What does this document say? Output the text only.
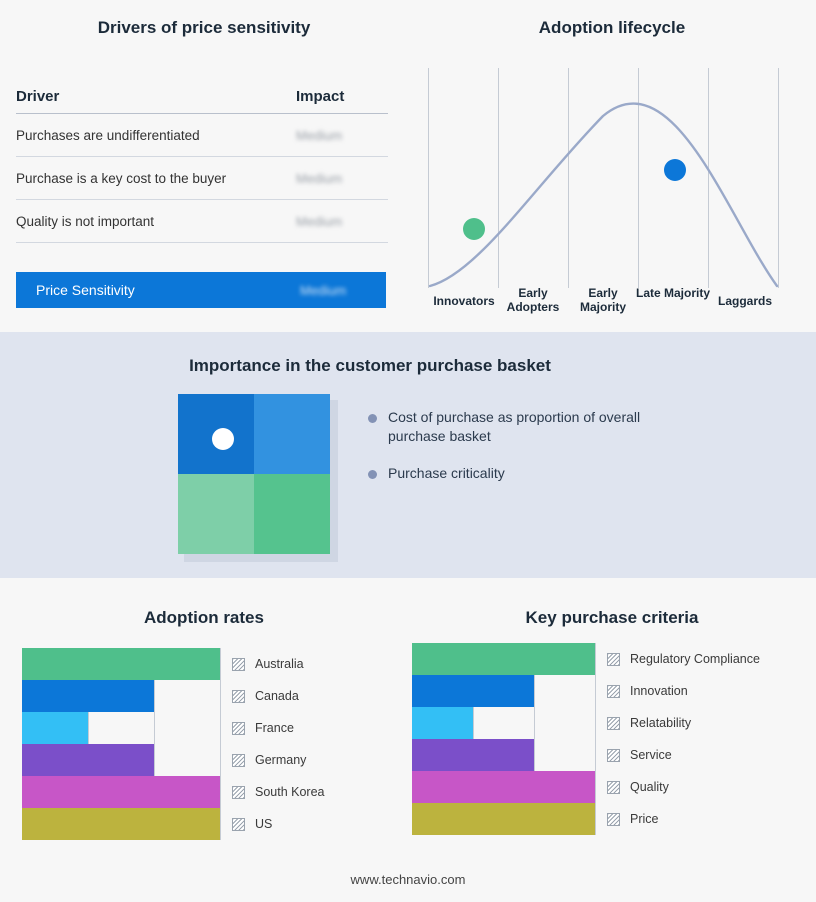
Drivers of price sensitivity
Driver	Impact
Purchases are undifferentiated	Medium
Purchase is a key cost to the buyer	Medium
Quality is not important	Medium
Price Sensitivity	Medium
Adoption lifecycle
Innovators
Early Adopters
Early Majority
Late Majority
Laggards
Importance in the customer purchase basket
Cost of purchase as proportion of overall purchase basket
Purchase criticality
Adoption rates
Australia
Canada
France
Germany
South Korea
US
Key purchase criteria
Regulatory Compliance
Innovation
Relatability
Service
Quality
Price
www.technavio.com
